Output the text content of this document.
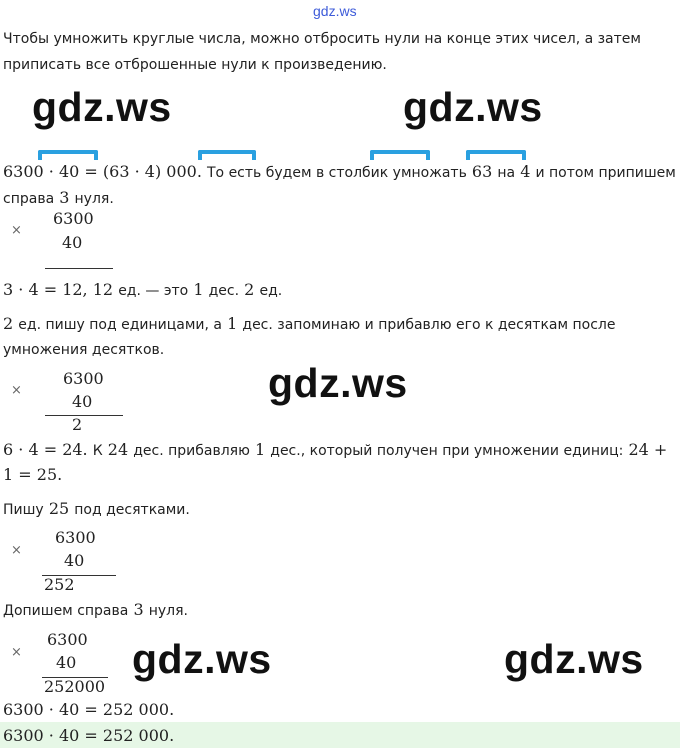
gdz.ws
Чтобы умножить круглые числа, можно отбросить нули на конце этих чисел, а затем
приписать все отброшенные нули к произведению.
gdz.ws	gdz.ws
gdz.ws
gdz.ws	gdz.ws
6300 · 40 = (63 · 4) 000. То есть будем в столбик умножать 63 на 4 и потом припишем
справа 3 нуля.
×
6300
40
3 · 4 = 12, 12 ед. — это 1 дес. 2 ед.
2 ед. пишу под единицами, а 1 дес. запоминаю и прибавлю его к десяткам после
умножения десятков.
×
6300
40
2
6 · 4 = 24. К 24 дес. прибавляю 1 дес., который получен при умножении единиц: 24 +
1 = 25.
Пишу 25 под десятками.
×
6300
40
252
Допишем справа 3 нуля.
×
6300
40
252000
6300 · 40 = 252 000.
6300 · 40 = 252 000.
